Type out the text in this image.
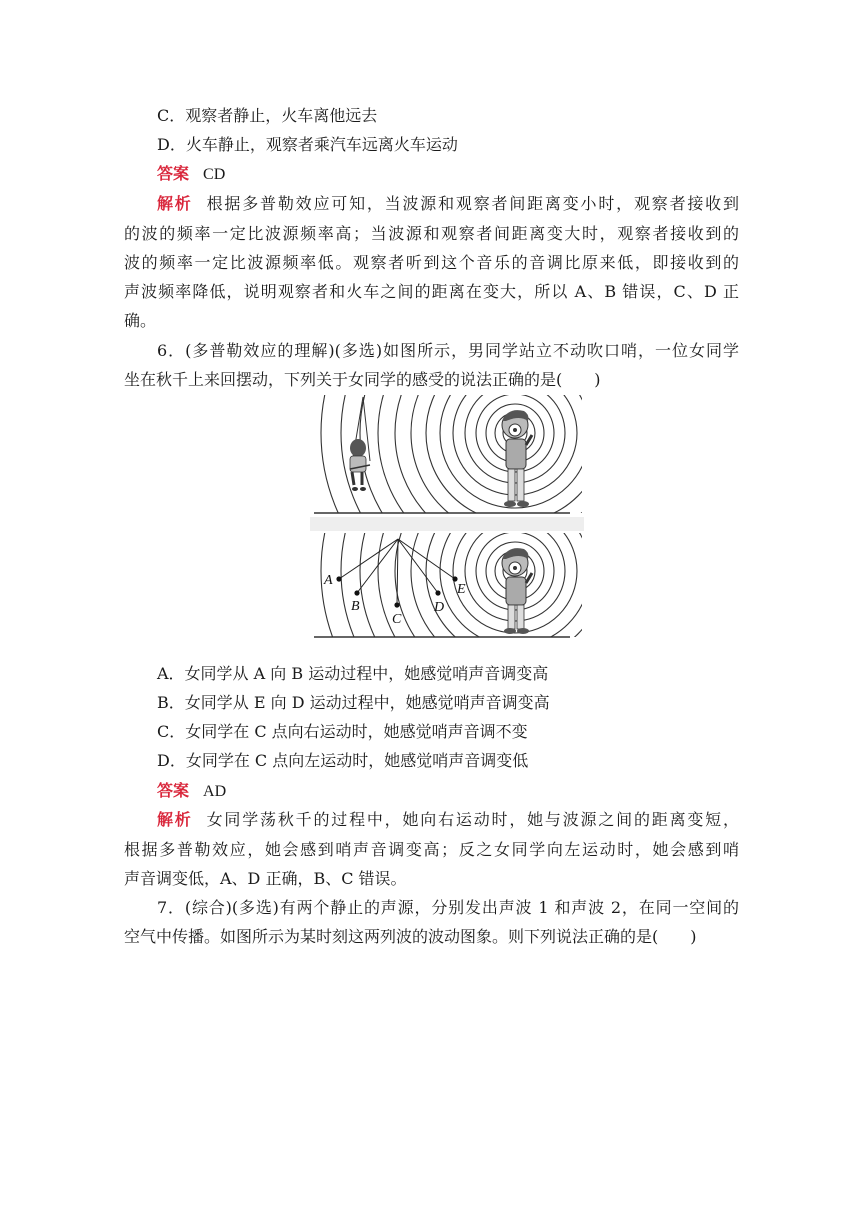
C．观察者静止，火车离他远去
D．火车静止，观察者乘汽车远离火车运动
答案 CD
解析 根据多普勒效应可知，当波源和观察者间距离变小时，观察者接收到
的波的频率一定比波源频率高；当波源和观察者间距离变大时，观察者接收到的
波的频率一定比波源频率低。观察者听到这个音乐的音调比原来低，即接收到的
声波频率降低，说明观察者和火车之间的距离在变大，所以 A、B 错误，C、D 正
确。
6．(多普勒效应的理解)(多选)如图所示，男同学站立不动吹口哨，一位女同学
坐在秋千上来回摆动，下列关于女同学的感受的说法正确的是(　　)
A
B
C
D
E
A．女同学从 A 向 B 运动过程中，她感觉哨声音调变高
B．女同学从 E 向 D 运动过程中，她感觉哨声音调变高
C．女同学在 C 点向右运动时，她感觉哨声音调不变
D．女同学在 C 点向左运动时，她感觉哨声音调变低
答案 AD
解析 女同学荡秋千的过程中，她向右运动时，她与波源之间的距离变短，
根据多普勒效应，她会感到哨声音调变高；反之女同学向左运动时，她会感到哨
声音调变低，A、D 正确，B、C 错误。
7．(综合)(多选)有两个静止的声源，分别发出声波 1 和声波 2，在同一空间的
空气中传播。如图所示为某时刻这两列波的波动图象。则下列说法正确的是(　　)
